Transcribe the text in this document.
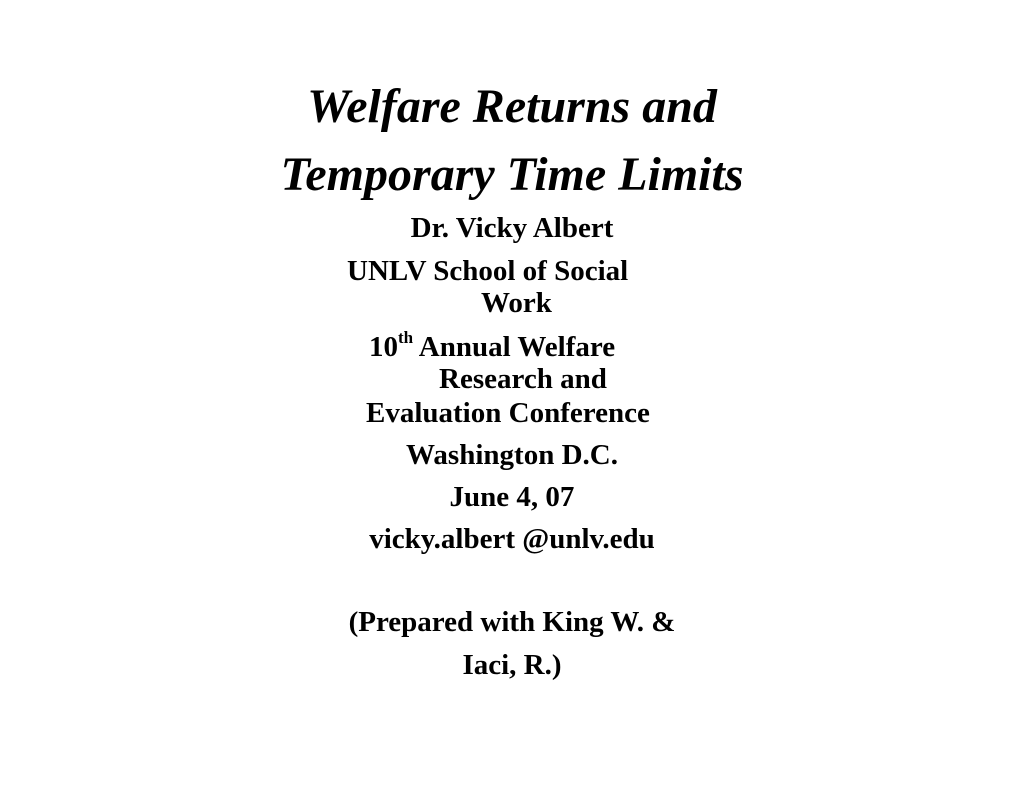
Welfare Returns and
Temporary Time Limits
Dr. Vicky Albert
UNLV School of Social
Work
10th Annual Welfare
Research and
Evaluation Conference
Washington D.C.
June 4, 07
vicky.albert @unlv.edu
(Prepared with King W. &
Iaci, R.)
